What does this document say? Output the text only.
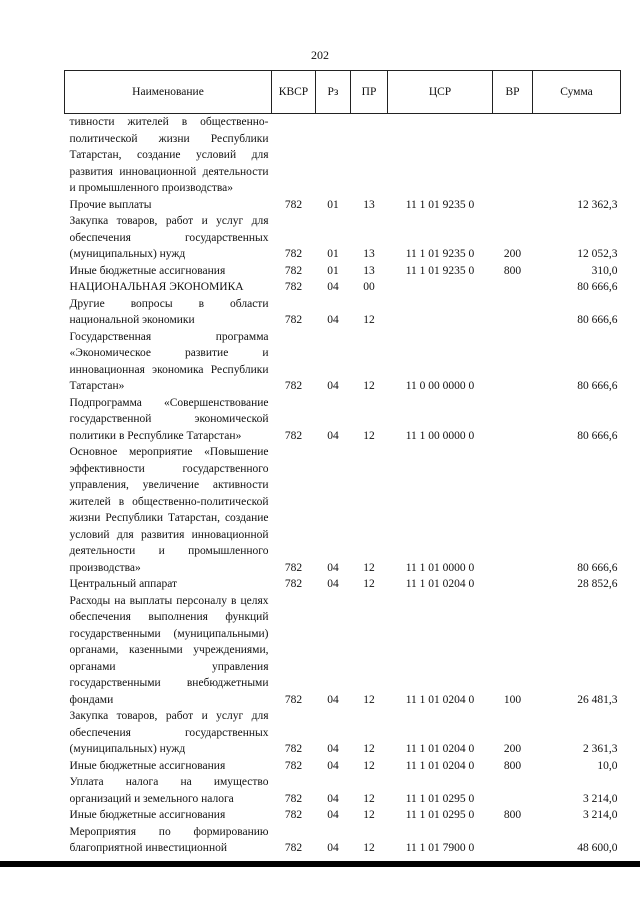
202
Наименование	КВСР	Рз	ПР	ЦСР	ВР	Сумма
тивности жителей в общественно-политической жизни Республики Татарстан, создание условий для развития инновационной деятельности и промышленного производства»						
Прочие выплаты	782	01	13	11 1 01 9235 0		12 362,3
Закупка товаров, работ и услуг для обеспечения государственных (муниципальных) нужд	782	01	13	11 1 01 9235 0	200	12 052,3
Иные бюджетные ассигнования	782	01	13	11 1 01 9235 0	800	310,0
НАЦИОНАЛЬНАЯ ЭКОНОМИКА	782	04	00			80 666,6
Другие вопросы в области национальной экономики	782	04	12			80 666,6
Государственная программа «Экономическое развитие и инновационная экономика Республики Татарстан»	782	04	12	11 0 00 0000 0		80 666,6
Подпрограмма «Совершенствование государственной экономической политики в Республике Татарстан»	782	04	12	11 1 00 0000 0		80 666,6
Основное мероприятие «Повышение эффективности государственного управления, увеличение активности жителей в общественно-политической жизни Республики Татарстан, создание условий для развития инновационной деятельности и промышленного производства»	782	04	12	11 1 01 0000 0		80 666,6
Центральный аппарат	782	04	12	11 1 01 0204 0		28 852,6
Расходы на выплаты персоналу в целях обеспечения выполнения функций государственными (муниципальными) органами, казенными учреждениями, органами управления государственными внебюджетными фондами	782	04	12	11 1 01 0204 0	100	26 481,3
Закупка товаров, работ и услуг для обеспечения государственных (муниципальных) нужд	782	04	12	11 1 01 0204 0	200	2 361,3
Иные бюджетные ассигнования	782	04	12	11 1 01 0204 0	800	10,0
Уплата налога на имущество организаций и земельного налога	782	04	12	11 1 01 0295 0		3 214,0
Иные бюджетные ассигнования	782	04	12	11 1 01 0295 0	800	3 214,0
Мероприятия по формированию благоприятной инвестиционной	782	04	12	11 1 01 7900 0		48 600,0
